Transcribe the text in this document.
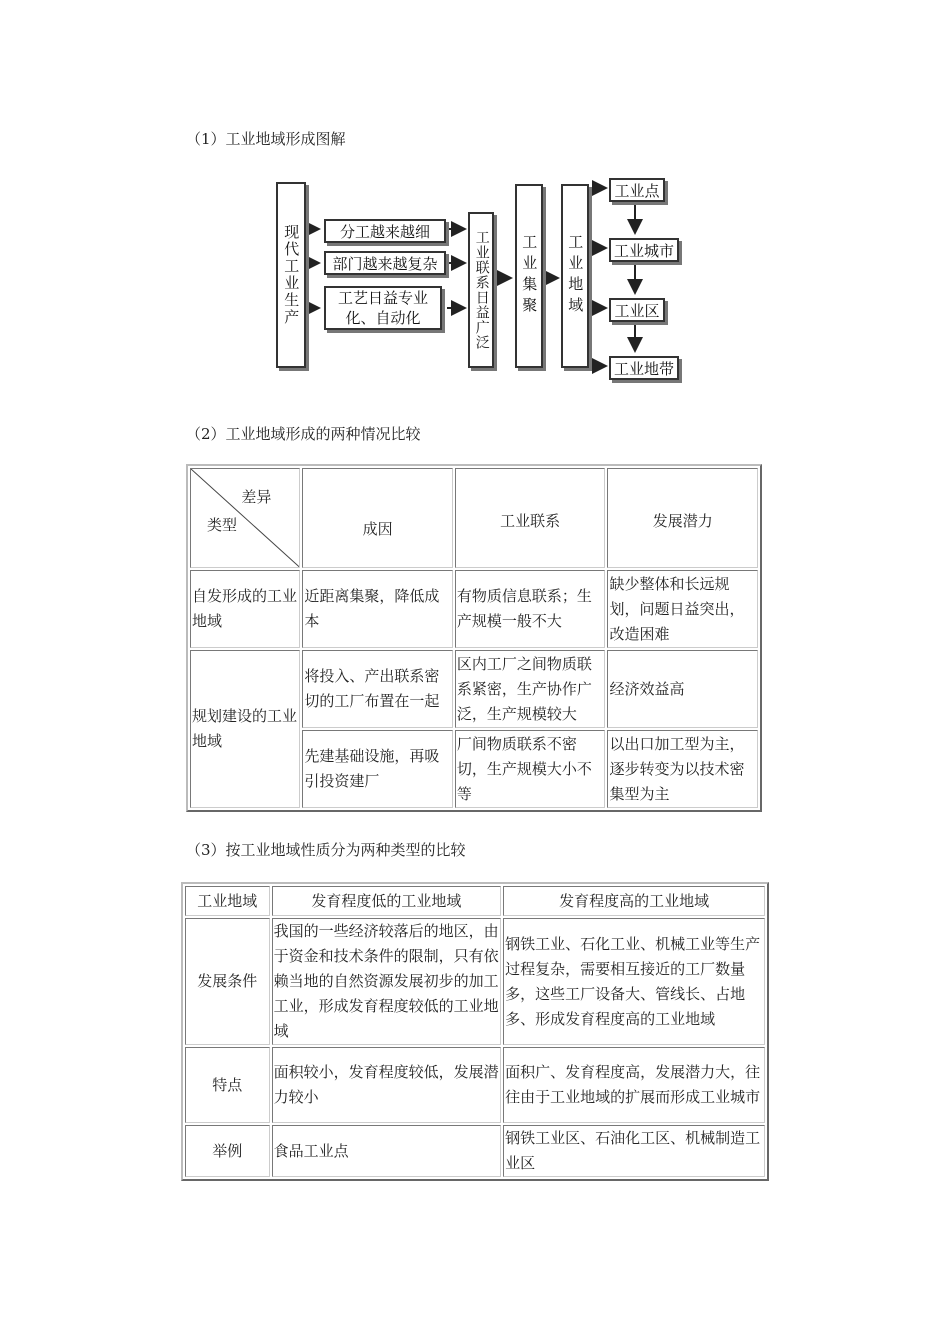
（1）工业地域形成图解
现代工业生产	分工越来越细
部门越来越复杂
工艺日益专业化、自动化	工业联系日益广泛 工业集聚 工业地域
工业点
工业城市
工业区
工业地带
（2）工业地域形成的两种情况比较
差异
类型	成因	工业联系	发展潜力
自发形成的工业地域	近距离集聚，降低成本	有物质信息联系；生产规模一般不大	缺少整体和长远规划，问题日益突出，改造困难
规划建设的工业地域	将投入、产出联系密切的工厂布置在一起	区内工厂之间物质联系紧密，生产协作广泛，生产规模较大	经济效益高
	先建基础设施，再吸引投资建厂	厂间物质联系不密切，生产规模大小不等	以出口加工型为主，逐步转变为以技术密集型为主
（3）按工业地域性质分为两种类型的比较
工业地域	发育程度低的工业地域	发育程度高的工业地域
发展条件	我国的一些经济较落后的地区，由于资金和技术条件的限制，只有依赖当地的自然资源发展初步的加工工业，形成发育程度较低的工业地域	钢铁工业、石化工业、机械工业等生产过程复杂，需要相互接近的工厂数量多，这些工厂设备大、管线长、占地多、形成发育程度高的工业地域
特点	面积较小，发育程度较低，发展潜力较小	面积广、发育程度高，发展潜力大，往往由于工业地域的扩展而形成工业城市
举例	食品工业点	钢铁工业区、石油化工区、机械制造工业区
